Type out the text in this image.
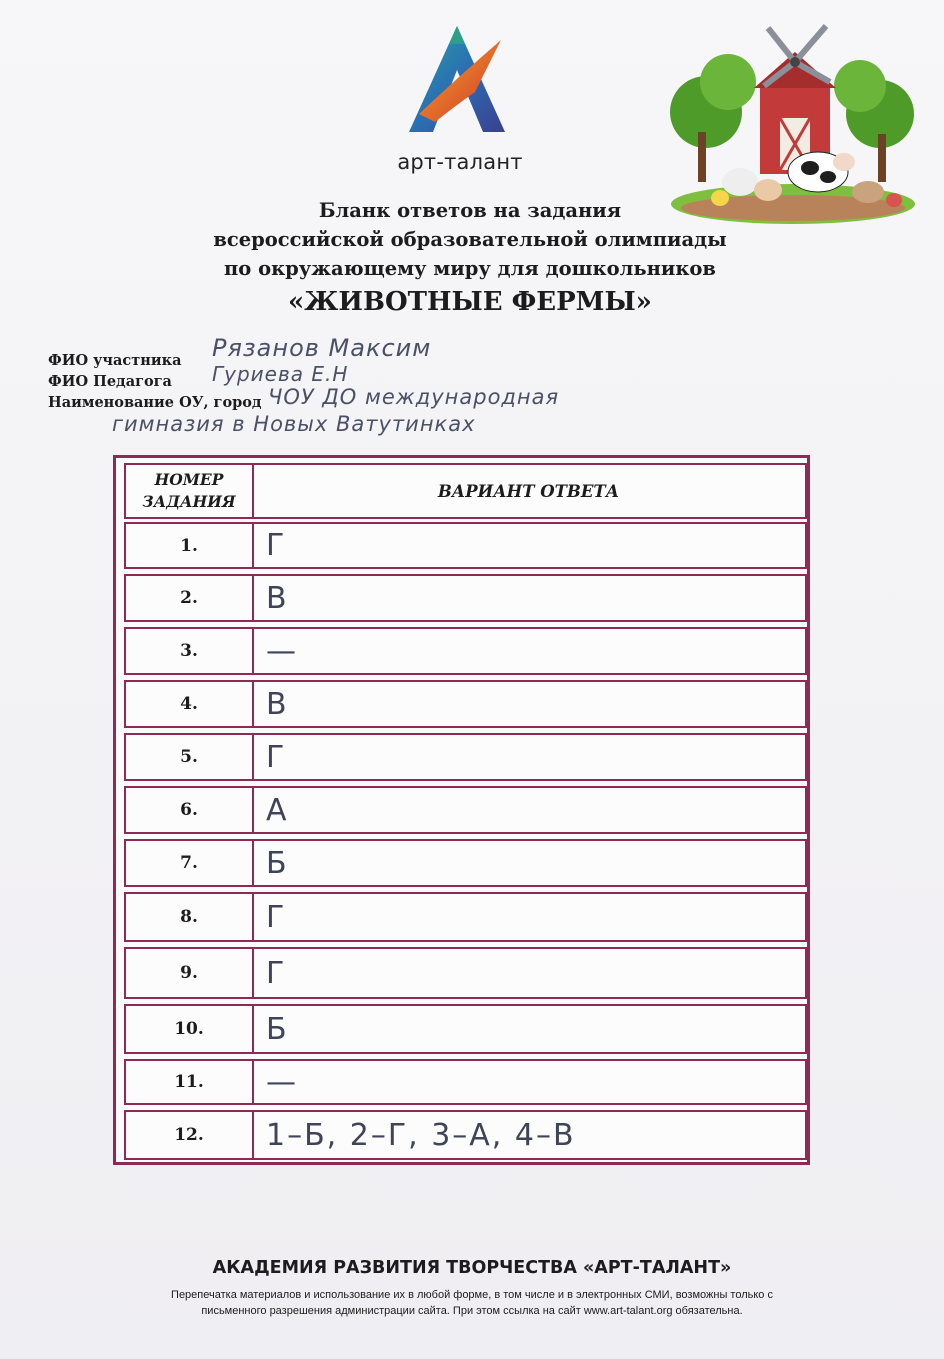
арт-талант
Бланк ответов на задания
всероссийской образовательной олимпиады
по окружающему миру для дошкольников
«ЖИВОТНЫЕ ФЕРМЫ»
ФИО участника Рязанов Максим
ФИО Педагога Гуриева Е.Н
Наименование ОУ, город ЧОУ ДО международная
гимназия в Новых Ватутинках
НОМЕР ЗАДАНИЯ
ВАРИАНТ ОТВЕТА
1.	Г
2.	В
3.	—
4.	В
5.	Г
6.	А
7.	Б
8.	Г
9.	Г
10.	Б
11.	—
12.	1–Б, 2–Г, 3–А, 4–В
АКАДЕМИЯ РАЗВИТИЯ ТВОРЧЕСТВА «АРТ-ТАЛАНТ»
Перепечатка материалов и использование их в любой форме, в том числе и в электронных СМИ, возможны только с
письменного разрешения администрации сайта. При этом ссылка на сайт www.art-talant.org обязательна.
